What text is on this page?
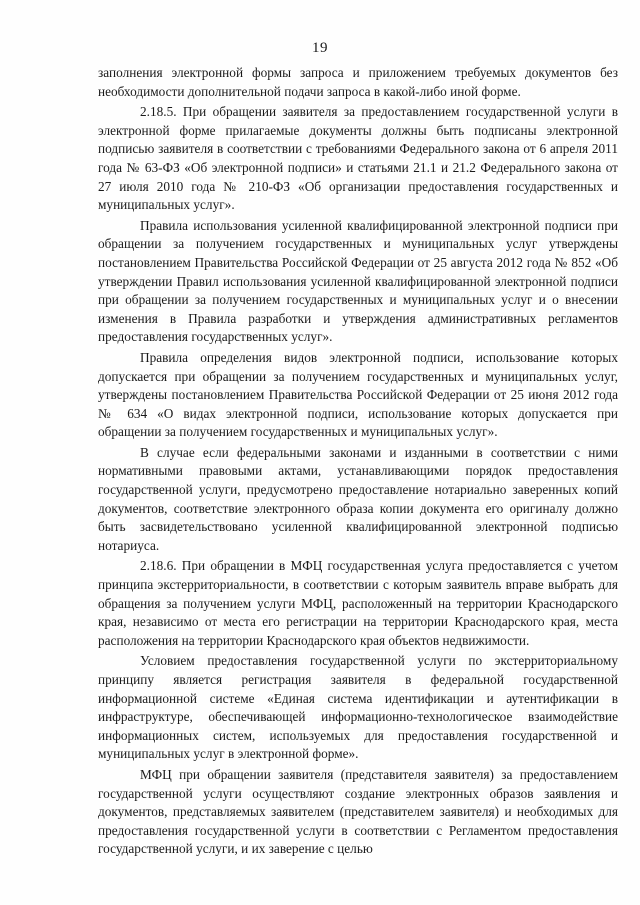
19

заполнения электронной формы запроса и приложением требуемых документов без необходимости дополнительной подачи запроса в какой-либо иной форме.

2.18.5. При обращении заявителя за предоставлением государственной услуги в электронной форме прилагаемые документы должны быть подписаны электронной подписью заявителя в соответствии с требованиями Федерального закона от 6 апреля 2011 года № 63-ФЗ «Об электронной подписи» и статьями 21.1 и 21.2 Федерального закона от 27 июля 2010 года № 210-ФЗ «Об организации предоставления государственных и муниципальных услуг».

Правила использования усиленной квалифицированной электронной подписи при обращении за получением государственных и муниципальных услуг утверждены постановлением Правительства Российской Федерации от 25 августа 2012 года № 852 «Об утверждении Правил использования усиленной квалифицированной электронной подписи при обращении за получением государственных и муниципальных услуг и о внесении изменения в Правила разработки и утверждения административных регламентов предоставления государственных услуг».

Правила определения видов электронной подписи, использование которых допускается при обращении за получением государственных и муниципальных услуг, утверждены постановлением Правительства Российской Федерации от 25 июня 2012 года № 634 «О видах электронной подписи, использование которых допускается при обращении за получением государственных и муниципальных услуг».

В случае если федеральными законами и изданными в соответствии с ними нормативными правовыми актами, устанавливающими порядок предоставления государственной услуги, предусмотрено предоставление нотариально заверенных копий документов, соответствие электронного образа копии документа его оригиналу должно быть засвидетельствовано усиленной квалифицированной электронной подписью нотариуса.

2.18.6. При обращении в МФЦ государственная услуга предоставляется с учетом принципа экстерриториальности, в соответствии с которым заявитель вправе выбрать для обращения за получением услуги МФЦ, расположенный на территории Краснодарского края, независимо от места его регистрации на территории Краснодарского края, места расположения на территории Краснодарского края объектов недвижимости.

Условием предоставления государственной услуги по экстерриториальному принципу является регистрация заявителя в федеральной государственной информационной системе «Единая система идентификации и аутентификации в инфраструктуре, обеспечивающей информационно-технологическое взаимодействие информационных систем, используемых для предоставления государственной и муниципальных услуг в электронной форме».

МФЦ при обращении заявителя (представителя заявителя) за предоставлением государственной услуги осуществляют создание электронных образов заявления и документов, представляемых заявителем (представителем заявителя) и необходимых для предоставления государственной услуги в соответствии с Регламентом предоставления государственной услуги, и их заверение с целью
